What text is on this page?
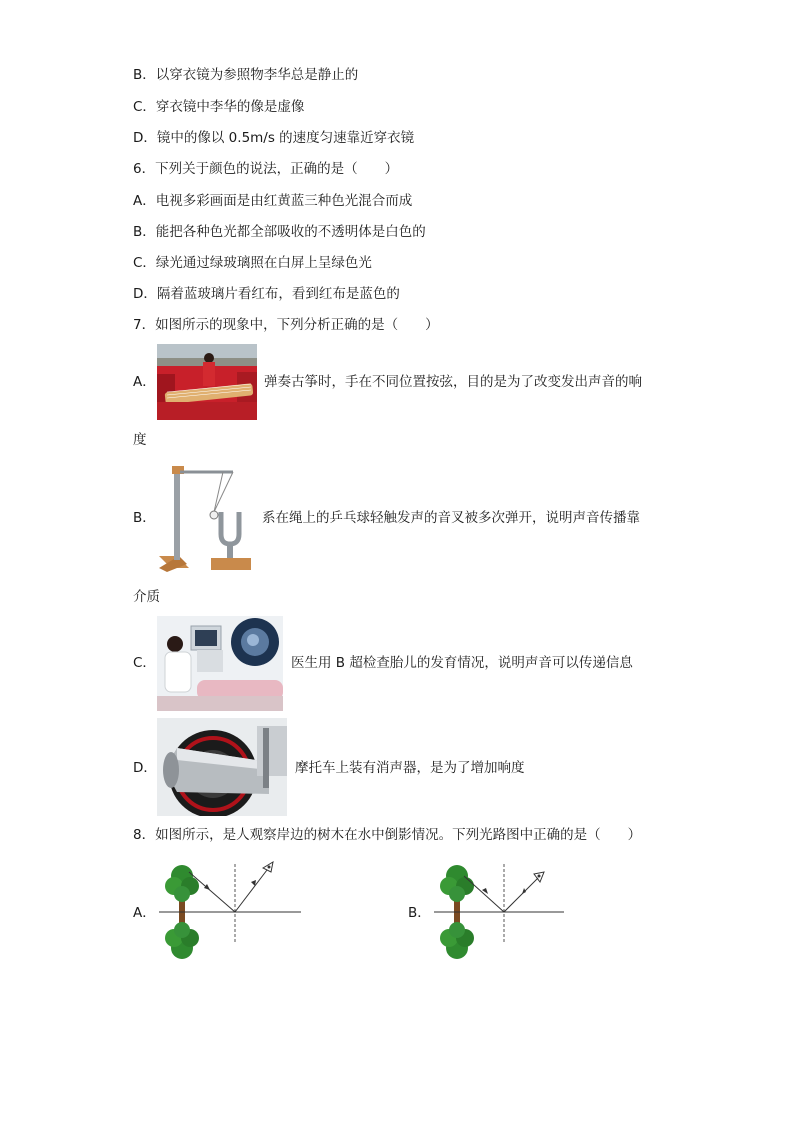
B．以穿衣镜为参照物李华总是静止的
C．穿衣镜中李华的像是虚像
D．镜中的像以 0.5m/s 的速度匀速靠近穿衣镜
6．下列关于颜色的说法，正确的是（　　）
A．电视多彩画面是由红黄蓝三种色光混合而成
B．能把各种色光都全部吸收的不透明体是白色的
C．绿光通过绿玻璃照在白屏上呈绿色光
D．隔着蓝玻璃片看红布，看到红布是蓝色的
7．如图所示的现象中，下列分析正确的是（　　）
A．	弹奏古筝时，手在不同位置按弦，目的是为了改变发出声音的响
度
B．	系在绳上的乒乓球轻触发声的音叉被多次弹开，说明声音传播靠
介质
C．	医生用 B 超检查胎儿的发育情况，说明声音可以传递信息
D．	摩托车上装有消声器，是为了增加响度
8．如图所示，是人观察岸边的树木在水中倒影情况。下列光路图中正确的是（　　）
A．	B．
